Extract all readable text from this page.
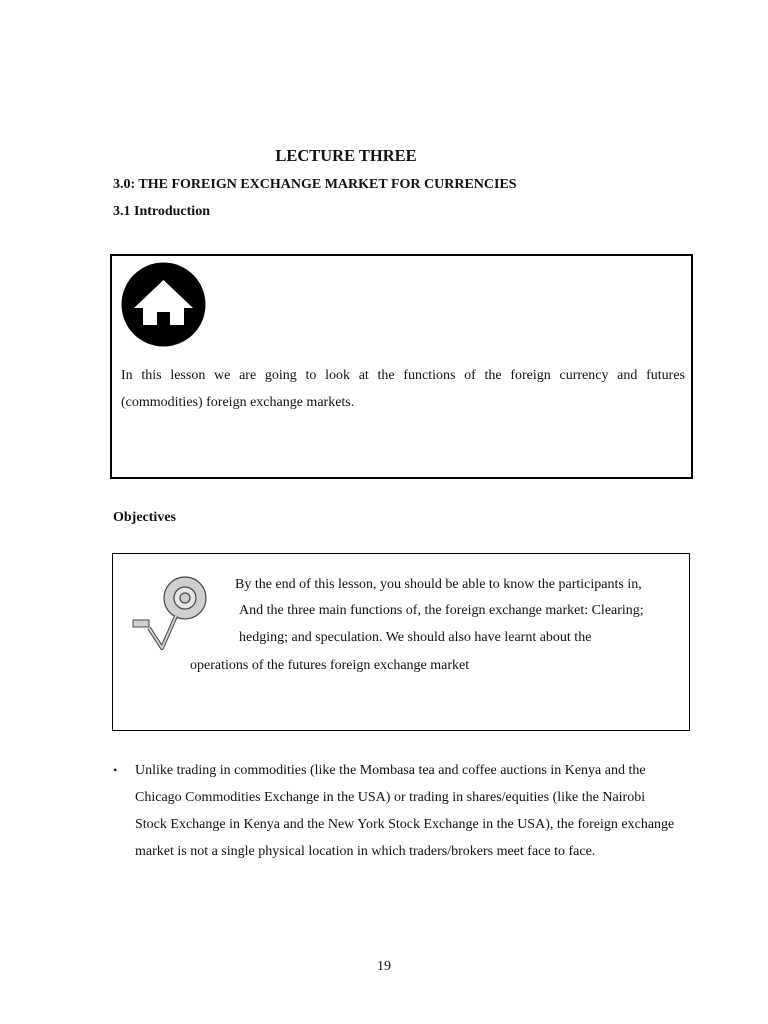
LECTURE THREE
3.0: THE FOREIGN EXCHANGE MARKET FOR CURRENCIES
3.1 Introduction
In this lesson we are going to look at the functions of the foreign currency and futures (commodities) foreign exchange markets.
Objectives
By the end of this lesson, you should be able to know the participants in,
And the three main functions of, the foreign exchange market: Clearing;
hedging; and speculation. We should also have learnt about the
operations of the futures foreign exchange market
• Unlike trading in commodities (like the Mombasa tea and coffee auctions in Kenya and the Chicago Commodities Exchange in the USA) or trading in shares/equities (like the Nairobi Stock Exchange in Kenya and the New York Stock Exchange in the USA), the foreign exchange market is not a single physical location in which traders/brokers meet face to face.
19
